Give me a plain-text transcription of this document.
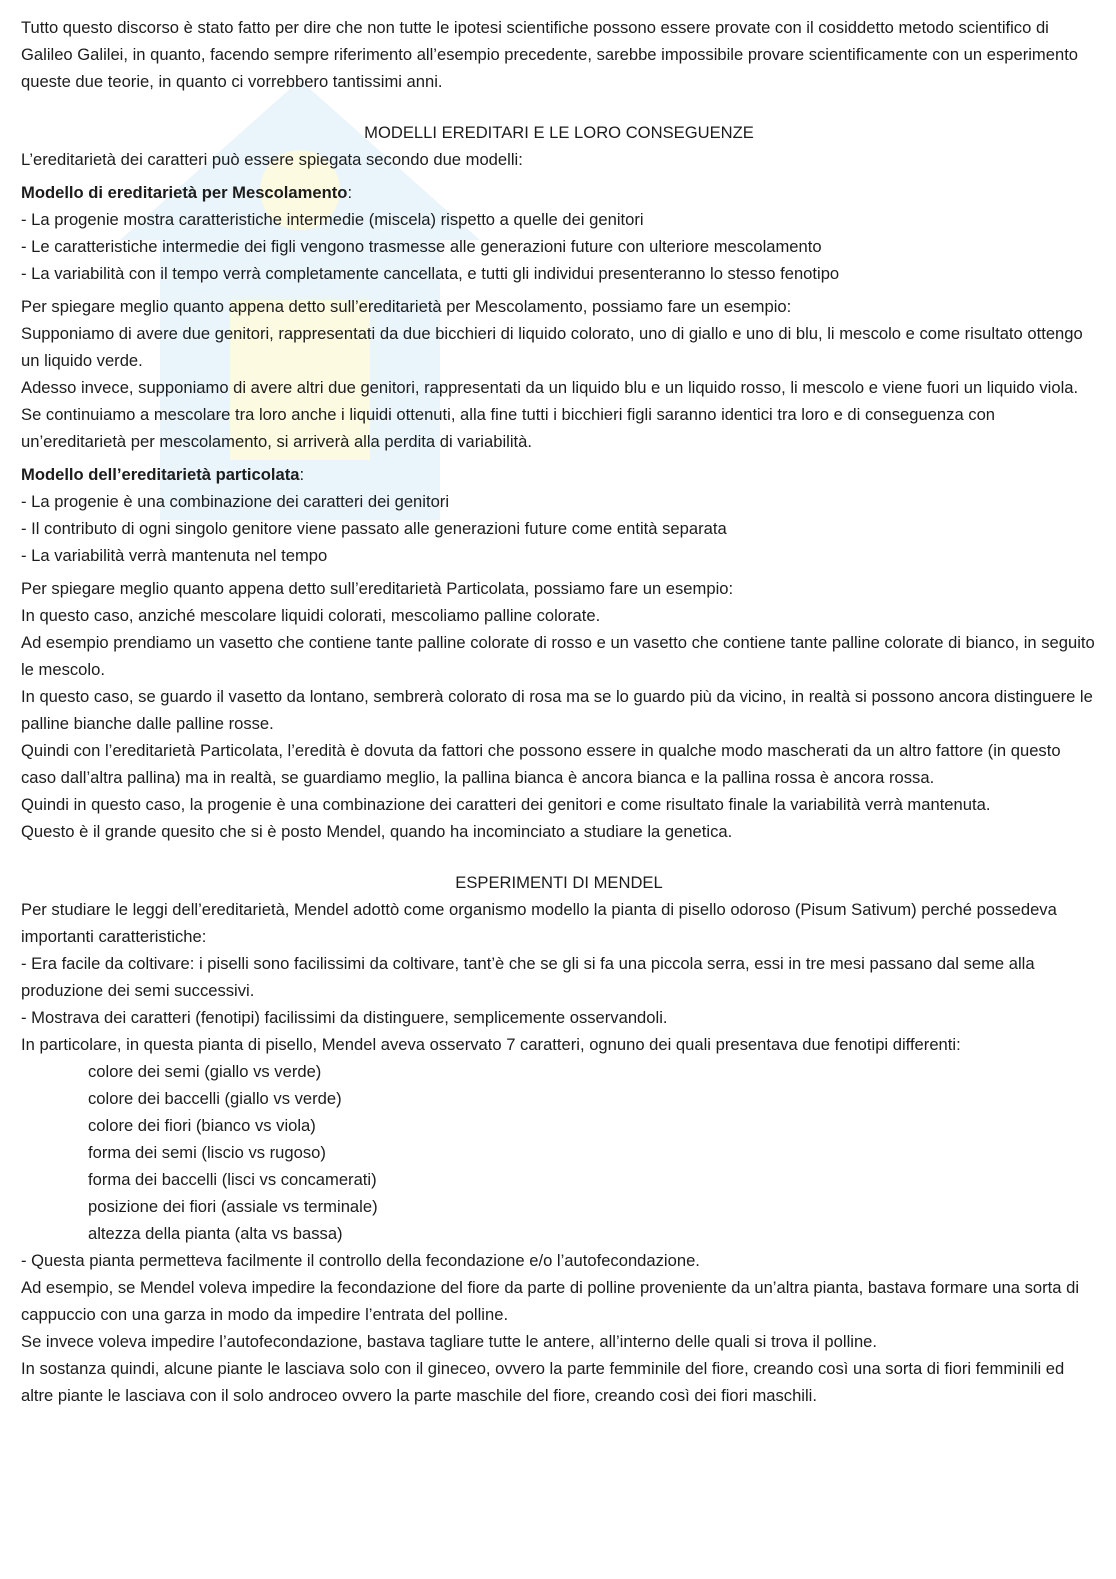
Tutto questo discorso è stato fatto per dire che non tutte le ipotesi scientifiche possono essere provate con il cosiddetto metodo scientifico di Galileo Galilei, in quanto, facendo sempre riferimento all’esempio precedente, sarebbe impossibile provare scientificamente con un esperimento queste due teorie, in quanto ci vorrebbero tantissimi anni.

MODELLI EREDITARI E LE LORO CONSEGUENZE

L’ereditarietà dei caratteri può essere spiegata secondo due modelli:

Modello di ereditarietà per Mescolamento:

- La progenie mostra caratteristiche intermedie (miscela) rispetto a quelle dei genitori

- Le caratteristiche intermedie dei figli vengono trasmesse alle generazioni future con ulteriore mescolamento

- La variabilità con il tempo verrà completamente cancellata, e tutti gli individui presenteranno lo stesso fenotipo

Per spiegare meglio quanto appena detto sull’ereditarietà per Mescolamento, possiamo fare un esempio:

Supponiamo di avere due genitori, rappresentati da due bicchieri di liquido colorato, uno di giallo e uno di blu, li mescolo e come risultato ottengo un liquido verde.

Adesso invece, supponiamo di avere altri due genitori, rappresentati da un liquido blu e un liquido rosso, li mescolo e viene fuori un liquido viola.

Se continuiamo a mescolare tra loro anche i liquidi ottenuti, alla fine tutti i bicchieri figli saranno identici tra loro e di conseguenza con un’ereditarietà per mescolamento, si arriverà alla perdita di variabilità.

Modello dell’ereditarietà particolata:

- La progenie è una combinazione dei caratteri dei genitori

- Il contributo di ogni singolo genitore viene passato alle generazioni future come entità separata

- La variabilità verrà mantenuta nel tempo

Per spiegare meglio quanto appena detto sull’ereditarietà Particolata, possiamo fare un esempio:

In questo caso, anziché mescolare liquidi colorati, mescoliamo palline colorate.

Ad esempio prendiamo un vasetto che contiene tante palline colorate di rosso e un vasetto che contiene tante palline colorate di bianco, in seguito le mescolo.

In questo caso, se guardo il vasetto da lontano, sembrerà colorato di rosa ma se lo guardo più da vicino, in realtà si possono ancora distinguere le palline bianche dalle palline rosse.

Quindi con l’ereditarietà Particolata, l’eredità è dovuta da fattori che possono essere in qualche modo mascherati da un altro fattore (in questo caso dall’altra pallina) ma in realtà, se guardiamo meglio, la pallina bianca è ancora bianca e la pallina rossa è ancora rossa.

Quindi in questo caso, la progenie è una combinazione dei caratteri dei genitori e come risultato finale la variabilità verrà mantenuta.

Questo è il grande quesito che si è posto Mendel, quando ha incominciato a studiare la genetica.

ESPERIMENTI DI MENDEL

Per studiare le leggi dell’ereditarietà, Mendel adottò come organismo modello la pianta di pisello odoroso (Pisum Sativum) perché possedeva importanti caratteristiche:

- Era facile da coltivare: i piselli sono facilissimi da coltivare, tant’è che se gli si fa una piccola serra, essi in tre mesi passano dal seme alla produzione dei semi successivi.

- Mostrava dei caratteri (fenotipi) facilissimi da distinguere, semplicemente osservandoli.

In particolare, in questa pianta di pisello, Mendel aveva osservato 7 caratteri, ognuno dei quali presentava due fenotipi differenti:

colore dei semi (giallo vs verde)

colore dei baccelli (giallo vs verde)

colore dei fiori (bianco vs viola)

forma dei semi (liscio vs rugoso)

forma dei baccelli (lisci vs concamerati)

posizione dei fiori (assiale vs terminale)

altezza della pianta (alta vs bassa)

- Questa pianta permetteva facilmente il controllo della fecondazione e/o l’autofecondazione.

Ad esempio, se Mendel voleva impedire la fecondazione del fiore da parte di polline proveniente da un’altra pianta, bastava formare una sorta di cappuccio con una garza in modo da impedire l’entrata del polline.

Se invece voleva impedire l’autofecondazione, bastava tagliare tutte le antere, all’interno delle quali si trova il polline.

In sostanza quindi, alcune piante le lasciava solo con il gineceo, ovvero la parte femminile del fiore, creando così una sorta di fiori femminili ed altre piante le lasciava con il solo androceo ovvero la parte maschile del fiore, creando così dei fiori maschili.
